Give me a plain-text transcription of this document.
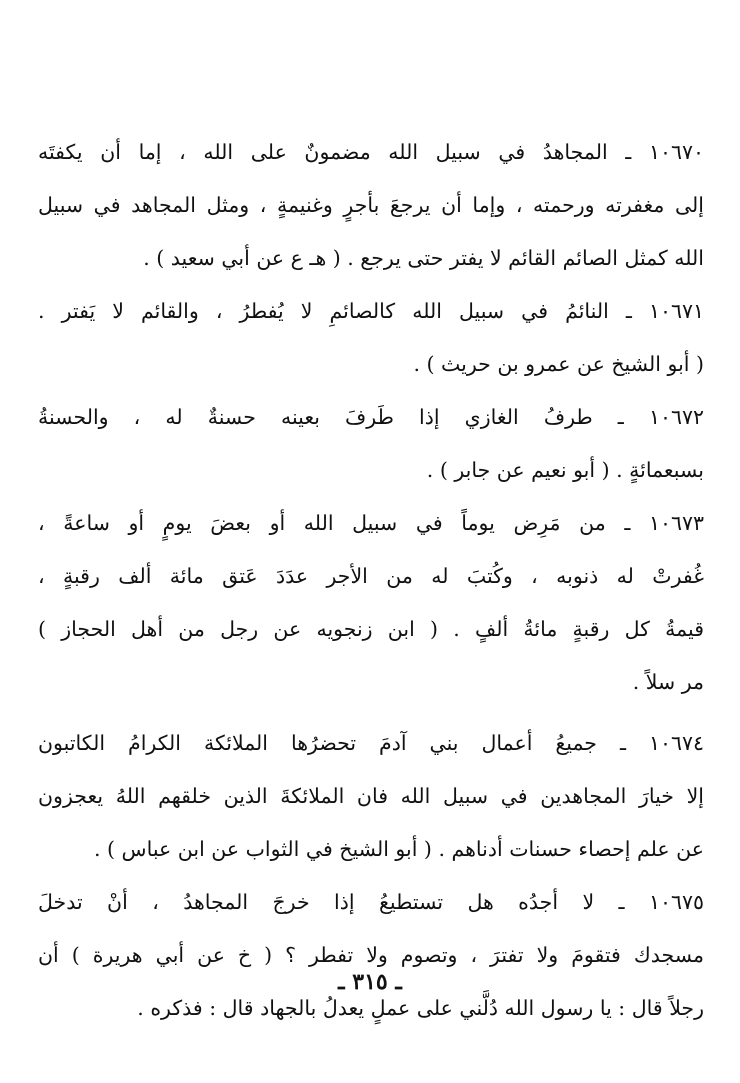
١٠٦٧٠ ـ المجاهدُ في سبيل الله مضمونٌ على الله ، إما أن يكفتَه
إلى مغفرته ورحمته ، وإما أن يرجعَ بأجرٍ وغنيمةٍ ، ومثل المجاهد في سبيل
الله كمثل الصائم القائم لا يفتر حتى يرجع . ( هـ ع عن أبي سعيد ) .
١٠٦٧١ ـ النائمُ في سبيل الله كالصائمِ لا يُفطرُ ، والقائم لا يَفتر .
( أبو الشيخ عن عمرو بن حريث ) .
١٠٦٧٢ ـ طرفُ الغازي إذا طَرفَ بعينه حسنةٌ له ، والحسنةُ
بسبعمائةٍ . ( أبو نعيم عن جابر ) .
١٠٦٧٣ ـ من مَرِض يوماً في سبيل الله أو بعضَ يومٍ أو ساعةً ،
غُفرتْ له ذنوبه ، وكُتبَ له من الأجر عدَدَ عَتق مائة ألف رقبةٍ ،
قيمةُ كل رقبةٍ مائةُ ألفٍ . ( ابن زنجويه عن رجل من أهل الحجاز )
مر سلاً .
١٠٦٧٤ ـ جميعُ أعمال بني آدمَ تحضرُها الملائكة الكرامُ الكاتبون
إلا خيارَ المجاهدين في سبيل الله فان الملائكةَ الذين خلقهم اللهُ يعجزون
عن علم إحصاء حسنات أدناهم . ( أبو الشيخ في الثواب عن ابن عباس ) .
١٠٦٧٥ ـ لا أجدُه هل تستطيعُ إذا خرجَ المجاهدُ ، أنْ تدخلَ
مسجدك فتقومَ ولا تفترَ ، وتصوم ولا تفطر ؟ ( خ عن أبي هريرة ) أن
رجلاً قال : يا رسول الله دُلَّني على عملٍ يعدلُ بالجهاد قال : فذكره .
ـ ٣١٥ ـ
